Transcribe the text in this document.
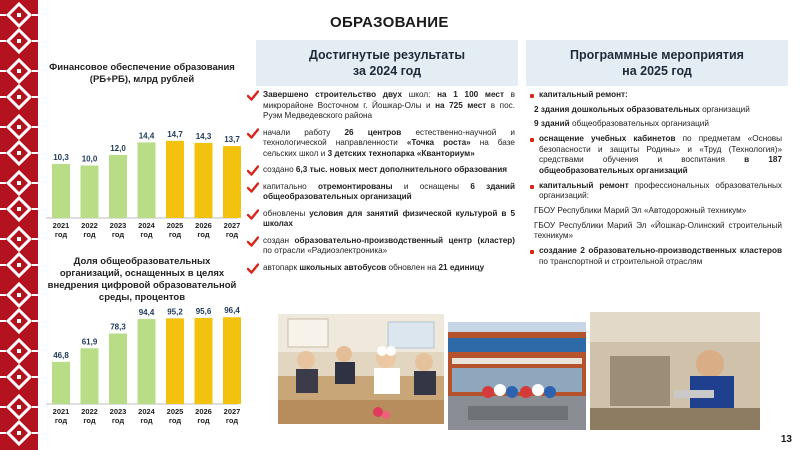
ОБРАЗОВАНИЕ
Финансовое обеспечение образования (РБ+РБ), млрд рублей
10,3
2021
год
10,0
2022
год
12,0
2023
год
14,4
2024
год
14,7
2025
год
14,3
2026
год
13,7
2027
год
Доля общеобразовательных организаций, оснащенных в целях внедрения цифровой образовательной среды, процентов
46,8
2021
год
61,9
2022
год
78,3
2023
год
94,4
2024
год
95,2
2025
год
95,6
2026
год
96,4
2027
год
Достигнутые результаты
за 2024 год
Программные мероприятия
на 2025 год
Завершено строительство двух школ: на 1 100 мест в микрорайоне Восточном г. Йошкар-Олы и на 725 мест в пос. Руэм Медведевского района
начали работу 26 центров естественно-научной и технологической направленности «Точка роста» на базе сельских школ и 3 детских технопарка «Кванториум»
создано 6,3 тыс. новых мест дополнительного образования
капитально отремонтированы и оснащены 6 зданий общеобразовательных организаций
обновлены условия для занятий физической культурой в 5 школах
создан образовательно-производственный центр (кластер) по отрасли «Радиоэлектроника»
автопарк школьных автобусов обновлен на 21 единицу
капитальный ремонт:
2 здания дошкольных образовательных организаций
9 зданий общеобразовательных организаций
оснащение учебных кабинетов по предметам «Основы безопасности и защиты Родины» и «Труд (Технология)» средствами обучения и воспитания в 187 общеобразовательных организаций
капитальный ремонт профессиональных образовательных организаций:
ГБОУ Республики Марий Эл «Автодорожный техникум»
ГБОУ Республики Марий Эл «Йошкар-Олинский строительный техникум»
создание 2 образовательно-производственных кластеров по транспортной и строительной отраслям
13
